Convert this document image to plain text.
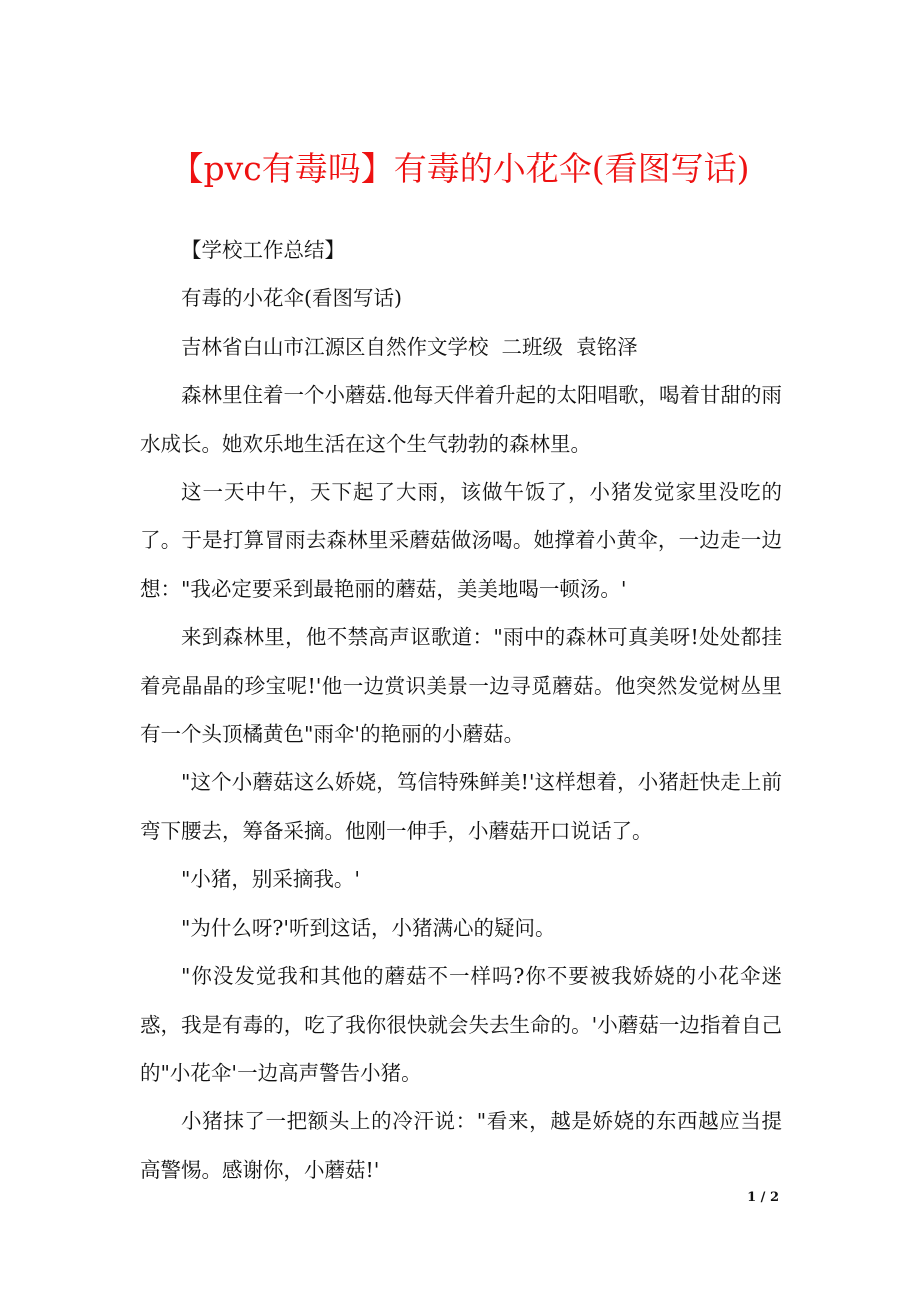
【pvc有毒吗】有毒的小花伞(看图写话)

【学校工作总结】

有毒的小花伞(看图写话)

吉林省白山市江源区自然作文学校  二班级  袁铭泽

森林里住着一个小蘑菇.他每天伴着升起的太阳唱歌，喝着甘甜的雨水成长。她欢乐地生活在这个生气勃勃的森林里。

这一天中午，天下起了大雨，该做午饭了，小猪发觉家里没吃的了。于是打算冒雨去森林里采蘑菇做汤喝。她撑着小黄伞，一边走一边想："我必定要采到最艳丽的蘑菇，美美地喝一顿汤。'

来到森林里，他不禁高声讴歌道："雨中的森林可真美呀!处处都挂着亮晶晶的珍宝呢!'他一边赏识美景一边寻觅蘑菇。他突然发觉树丛里有一个头顶橘黄色"雨伞'的艳丽的小蘑菇。

"这个小蘑菇这么娇娆，笃信特殊鲜美!'这样想着，小猪赶快走上前弯下腰去，筹备采摘。他刚一伸手，小蘑菇开口说话了。

"小猪，别采摘我。'

"为什么呀?'听到这话，小猪满心的疑问。

"你没发觉我和其他的蘑菇不一样吗?你不要被我娇娆的小花伞迷惑，我是有毒的，吃了我你很快就会失去生命的。'小蘑菇一边指着自己的"小花伞'一边高声警告小猪。

小猪抹了一把额头上的冷汗说："看来，越是娇娆的东西越应当提高警惕。感谢你，小蘑菇!'

1 / 2
